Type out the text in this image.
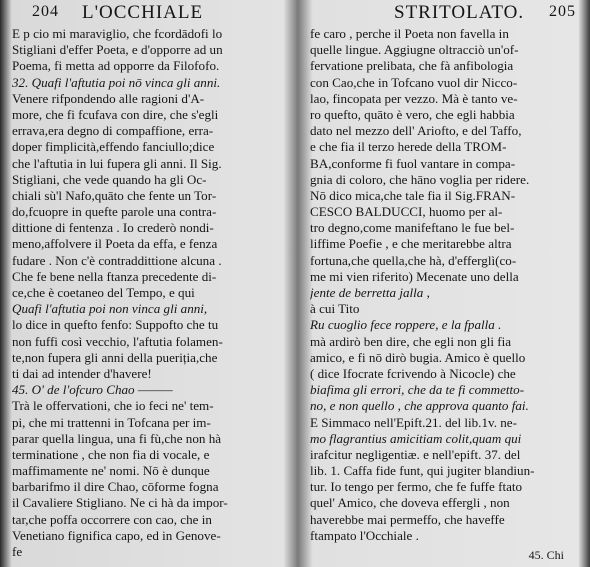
204 L'OCCHIALE
E p cio mi maraviglio, che fcordādofi lo
Stigliani d'effer Poeta, e d'opporre ad un
Poema, fi metta ad opporre da Filofofo.
32. Quafi l'aftutia poi nō vinca gli anni.
Venere rifpondendo alle ragioni d'A-
more, che fi fcufava con dire, che s'egli
errava,era degno di compaffione, erra-
doper fimplicità,effendo fanciullo;dice
che l'aftutia in lui fupera gli anni. Il Sig.
Stigliani, che vede quando ha gli Oc-
chiali sù'l Nafo,quāto che fente un Tor-
do,fcuopre in quefte parole una contra-
dittione di fentenza . Io crederò nondi-
meno,affolvere il Poeta da effa, e fenza
fudare . Non c'è contraddittione alcuna .
Che fe bene nella ftanza precedente di-
ce,che è coetaneo del Tempo, e qui
Quafi l'aftutia poi non vinca gli anni,
lo dice in quefto fenfo: Suppofto che tu
non fuffi così vecchio, l'aftutia folamen-
te,non fupera gli anni della pueriția,che
ti dai ad intender d'havere!
45. O' de l'ofcuro Chao ———
Trà le offervationi, che io feci ne' tem-
pi, che mi trattenni in Tofcana per im-
parar quella lingua, una fi fù,che non hà
terminatione , che non fia di vocale, e
maffimamente ne' nomi. Nō è dunque
barbarifmo il dire Chao, cōforme fogna
il Cavaliere Stigliano. Ne ci hà da impor-
tar,che poffa occorrere con cao, che in
Venetiano fignifica capo, ed in Genove-
fe
STRITOLATO. 205
fe caro , perche il Poeta non favella in
quelle lingue. Aggiugne oltracciò un'of-
fervatione prelibata, che fà anfibologia
con Cao,che in Tofcano vuol dir Nicco-
lao, fincopata per vezzo. Mà è tanto ve-
ro quefto, quāto è vero, che egli habbia
dato nel mezzo dell' Ariofto, e del Taffo,
e che fia il terzo herede della TROM-
BA,conforme fi fuol vantare in compa-
gnia di coloro, che hāno voglia per ridere.
Nō dico mica,che tale fia il Sig.FRAN-
CESCO BALDUCCI, huomo per al-
tro degno,come manifeftano le fue bel-
liffime Poefie , e che meritarebbe altra
fortuna,che quella,che hà, d'efferglì(co-
me mi vien riferito) Mecenate uno della
jente de berretta jalla ,
à cui Tito
Ru cuoglio fece roppere, e la fpalla .
mà ardirò ben dire, che egli non gli fia
amico, e fi nō dirò bugia. Amico è quello
( dice Ifocrate fcrivendo à Nicocle) che
biafima gli errori, che da te fi commetto-
no, e non quello , che approva quanto fai.
E Simmaco nell'Epift.21. del lib.1v. ne-
mo flagrantius amicitiam colit,quam qui
irafcitur negligentiæ. e nell'epift. 37. del
lib. 1. Caffa fide funt, qui jugiter blandiun-
tur. Io tengo per fermo, che fe fuffe ftato
quel' Amico, che doveva effergli , non
haverebbe mai permeffo, che haveffe
ftampato l'Occhiale .
45. Chi
